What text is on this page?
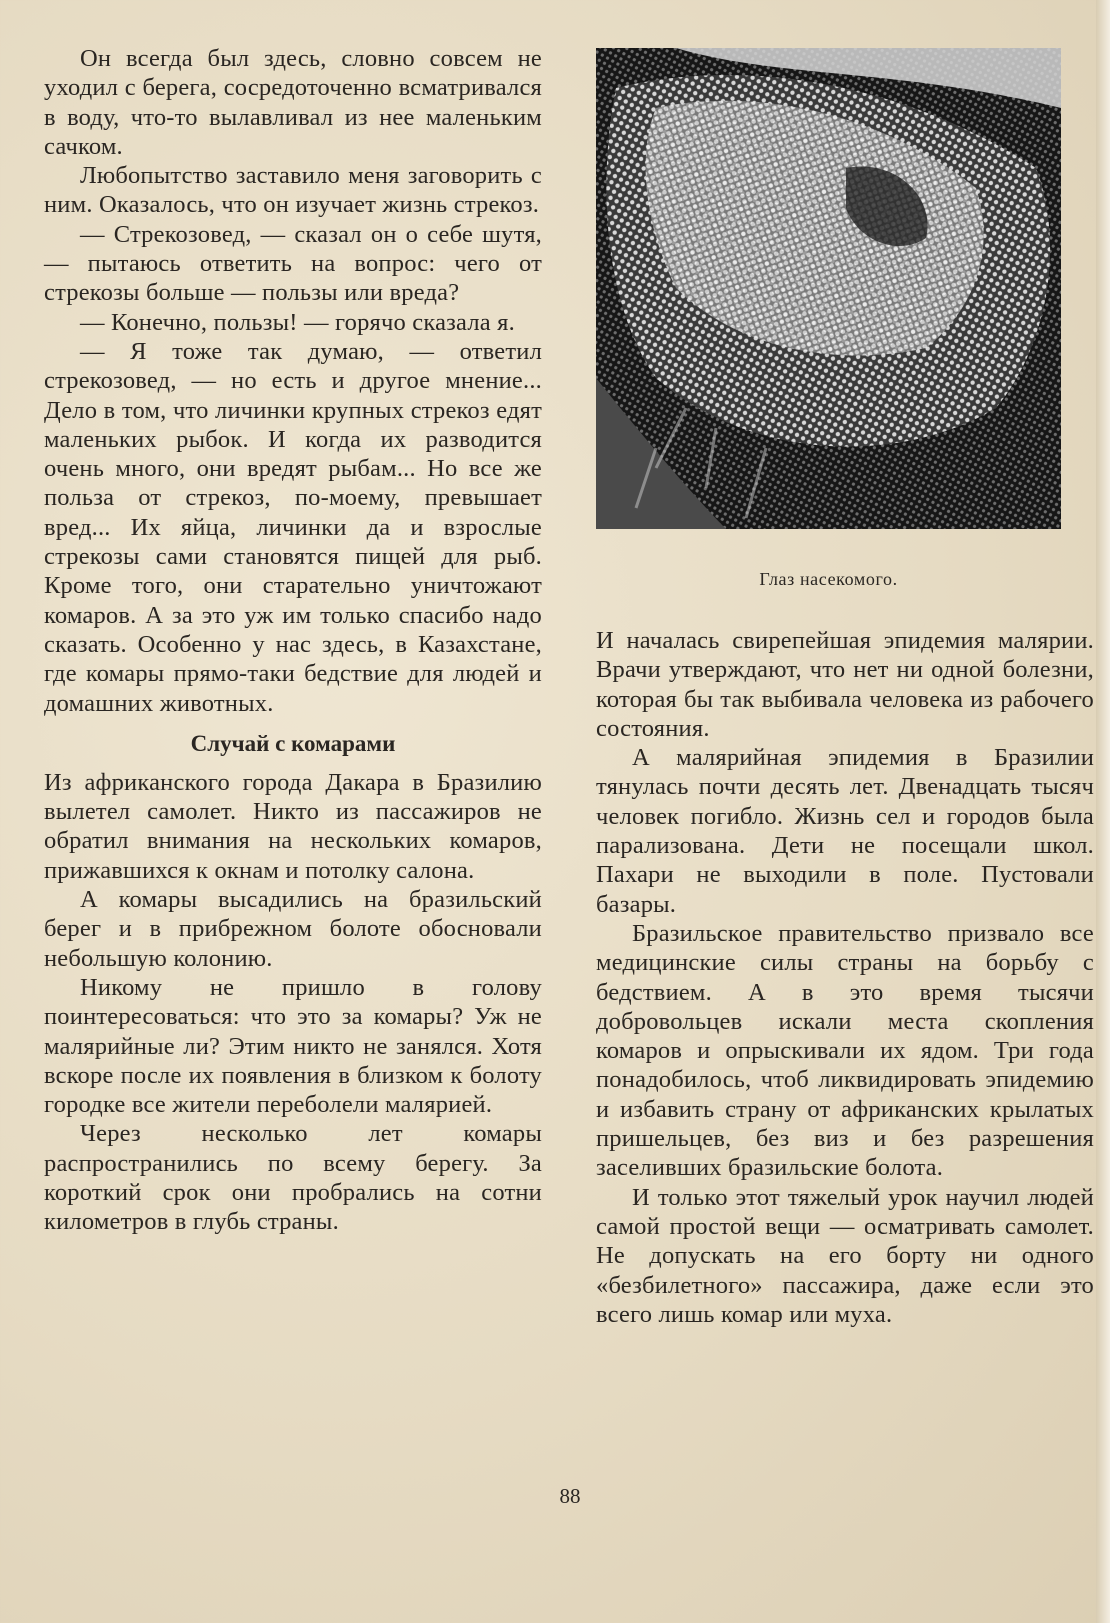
Он всегда был здесь, словно совсем не уходил с берега, сосредоточенно всматривался в воду, что-то вылавливал из нее маленьким сачком.

Любопытство заставило меня заговорить с ним. Оказалось, что он изучает жизнь стрекоз.

— Стрекозовед, — сказал он о себе шутя, — пытаюсь ответить на вопрос: чего от стрекозы больше — пользы или вреда?

— Конечно, пользы! — горячо сказала я.

— Я тоже так думаю, — ответил стрекозовед, — но есть и другое мнение... Дело в том, что личинки крупных стрекоз едят маленьких рыбок. И когда их разводится очень много, они вредят рыбам... Но все же польза от стрекоз, по-моему, превышает вред... Их яйца, личинки да и взрослые стрекозы сами становятся пищей для рыб. Кроме того, они старательно уничтожают комаров. А за это уж им только спасибо надо сказать. Особенно у нас здесь, в Казахстане, где комары прямо-таки бедствие для людей и домашних животных.

Случай с комарами

Из африканского города Дакара в Бразилию вылетел самолет. Никто из пассажиров не обратил внимания на нескольких комаров, прижавшихся к окнам и потолку салона.

А комары высадились на бразильский берег и в прибрежном болоте обосновали небольшую колонию.

Никому не пришло в голову поинтересоваться: что это за комары? Уж не малярийные ли? Этим никто не занялся. Хотя вскоре после их появления в близком к болоту городке все жители переболели малярией.

Через несколько лет комары распространились по всему берегу. За короткий срок они пробрались на сотни километров в глубь страны.

Глаз насекомого.

И началась свирепейшая эпидемия малярии. Врачи утверждают, что нет ни одной болезни, которая бы так выбивала человека из рабочего состояния.

А малярийная эпидемия в Бразилии тянулась почти десять лет. Двенадцать тысяч человек погибло. Жизнь сел и городов была парализована. Дети не посещали школ. Пахари не выходили в поле. Пустовали базары.

Бразильское правительство призвало все медицинские силы страны на борьбу с бедствием. А в это время тысячи добровольцев искали места скопления комаров и опрыскивали их ядом. Три года понадобилось, чтоб ликвидировать эпидемию и избавить страну от африканских крылатых пришельцев, без виз и без разрешения заселивших бразильские болота.

И только этот тяжелый урок научил людей самой простой вещи — осматривать самолет. Не допускать на его борту ни одного «безбилетного» пассажира, даже если это всего лишь комар или муха.

88
